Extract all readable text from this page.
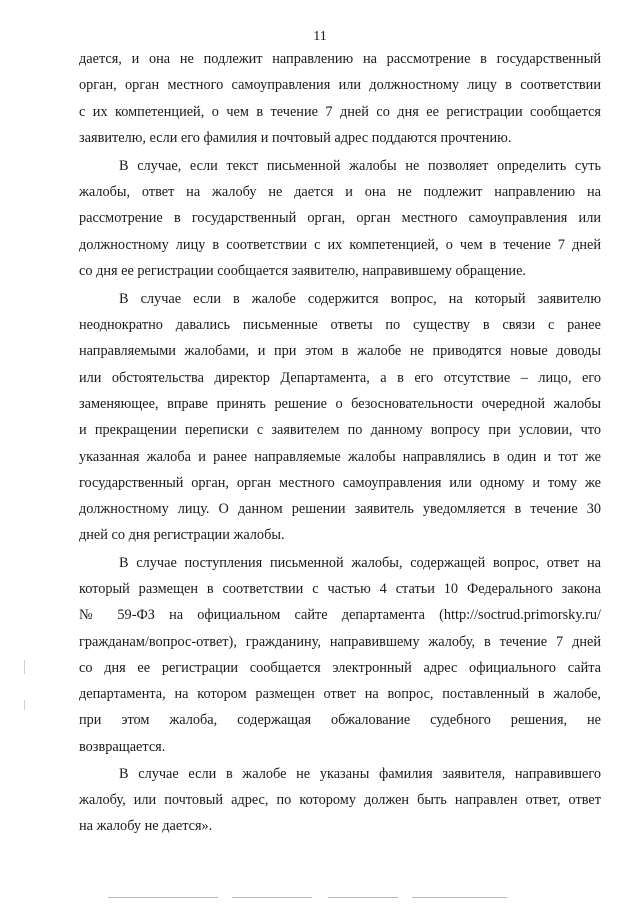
11
дается, и она не подлежит направлению на рассмотрение в государственный
орган, орган местного самоуправления или должностному лицу в соответствии
с их компетенцией, о чем в течение 7 дней со дня ее регистрации сообщается
заявителю, если его фамилия и почтовый адрес поддаются прочтению.
В случае, если текст письменной жалобы не позволяет определить суть
жалобы, ответ на жалобу не дается и она не подлежит направлению на
рассмотрение в государственный орган, орган местного самоуправления или
должностному лицу в соответствии с их компетенцией, о чем в течение 7 дней
со дня ее регистрации сообщается заявителю, направившему обращение.
В случае если в жалобе содержится вопрос, на который заявителю
неоднократно давались письменные ответы по существу в связи с ранее
направляемыми жалобами, и при этом в жалобе не приводятся новые доводы
или обстоятельства директор Департамента, а в его отсутствие – лицо, его
заменяющее, вправе принять решение о безосновательности очередной жалобы
и прекращении переписки с заявителем по данному вопросу при условии, что
указанная жалоба и ранее направляемые жалобы направлялись в один и тот же
государственный орган, орган местного самоуправления или одному и тому же
должностному лицу. О данном решении заявитель уведомляется в течение 30
дней со дня регистрации жалобы.
В случае поступления письменной жалобы, содержащей вопрос, ответ на
который размещен в соответствии с частью 4 статьи 10 Федерального закона
№ 59-ФЗ на официальном сайте департамента (http://soctrud.primorsky.ru/
гражданам/вопрос-ответ), гражданину, направившему жалобу, в течение 7 дней
со дня ее регистрации сообщается электронный адрес официального сайта
департамента, на котором размещен ответ на вопрос, поставленный в жалобе,
при этом жалоба, содержащая обжалование судебного решения, не
возвращается.
В случае если в жалобе не указаны фамилия заявителя, направившего
жалобу, или почтовый адрес, по которому должен быть направлен ответ, ответ
на жалобу не дается».
